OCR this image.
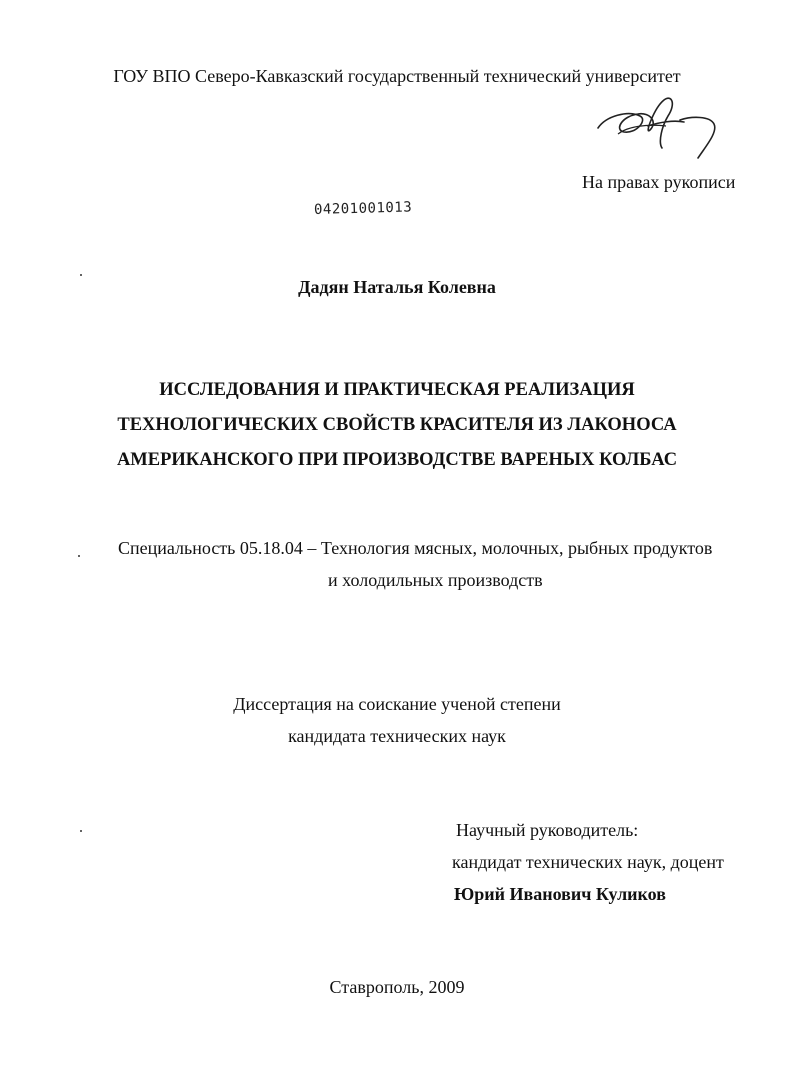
ГОУ ВПО Северо-Кавказский государственный технический университет
На правах рукописи
04201001013
Дадян Наталья Колевна
ИССЛЕДОВАНИЯ И ПРАКТИЧЕСКАЯ РЕАЛИЗАЦИЯ
ТЕХНОЛОГИЧЕСКИХ СВОЙСТВ КРАСИТЕЛЯ ИЗ ЛАКОНОСА
АМЕРИКАНСКОГО ПРИ ПРОИЗВОДСТВЕ ВАРЕНЫХ КОЛБАС
Специальность 05.18.04 – Технология мясных, молочных, рыбных продуктов
и холодильных производств
Диссертация на соискание ученой степени
кандидата технических наук
Научный руководитель:
кандидат технических наук, доцент
Юрий Иванович Куликов
Ставрополь, 2009
